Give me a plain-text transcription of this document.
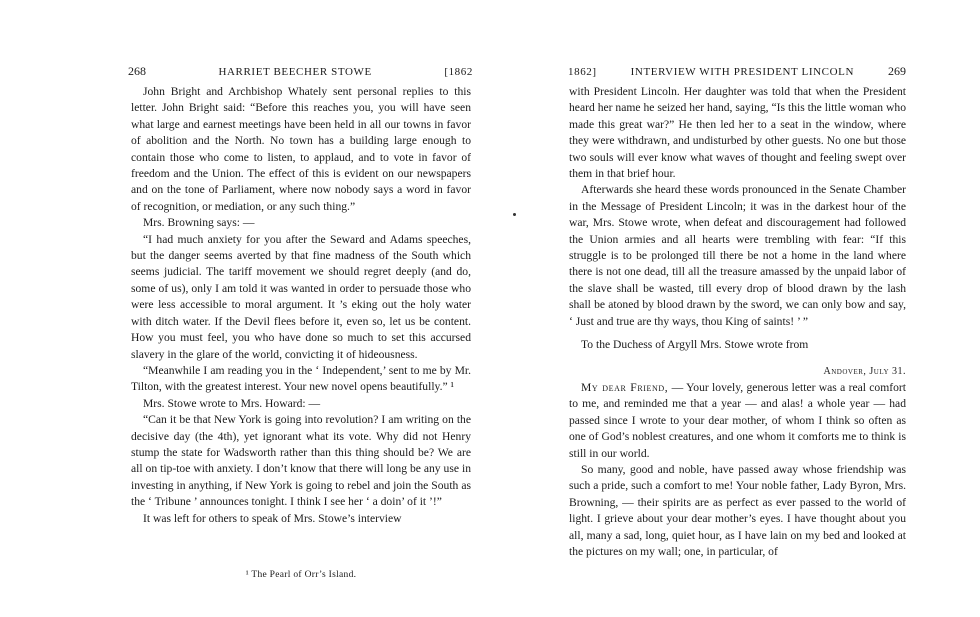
268	HARRIET BEECHER STOWE	[1862

John Bright and Archbishop Whately sent personal replies to this letter. John Bright said: “Before this reaches you, you will have seen what large and earnest meetings have been held in all our towns in favor of abolition and the North. No town has a building large enough to contain those who come to listen, to applaud, and to vote in favor of freedom and the Union. The effect of this is evident on our newspapers and on the tone of Parliament, where now nobody says a word in favor of recognition, or mediation, or any such thing.”

Mrs. Browning says: —

“I had much anxiety for you after the Seward and Adams speeches, but the danger seems averted by that fine madness of the South which seems judicial. The tariff movement we should regret deeply (and do, some of us), only I am told it was wanted in order to persuade those who were less accessible to moral argument. It ’s eking out the holy water with ditch water. If the Devil flees before it, even so, let us be content. How you must feel, you who have done so much to set this accursed slavery in the glare of the world, convicting it of hideousness.

“Meanwhile I am reading you in the ‘ Independent,’ sent to me by Mr. Tilton, with the greatest interest. Your new novel opens beautifully.” ¹

Mrs. Stowe wrote to Mrs. Howard: —

“Can it be that New York is going into revolution? I am writing on the decisive day (the 4th), yet ignorant what its vote. Why did not Henry stump the state for Wadsworth rather than this thing should be? We are all on tip-toe with anxiety. I don’t know that there will long be any use in investing in anything, if New York is going to rebel and join the South as the ‘ Tribune ’ announces tonight. I think I see her ‘ a doin’ of it ’!”

It was left for others to speak of Mrs. Stowe’s interview

¹ The Pearl of Orr’s Island.
1862]	INTERVIEW WITH PRESIDENT LINCOLN	269

with President Lincoln. Her daughter was told that when the President heard her name he seized her hand, saying, “Is this the little woman who made this great war?” He then led her to a seat in the window, where they were withdrawn, and undisturbed by other guests. No one but those two souls will ever know what waves of thought and feeling swept over them in that brief hour.

Afterwards she heard these words pronounced in the Senate Chamber in the Message of President Lincoln; it was in the darkest hour of the war, Mrs. Stowe wrote, when defeat and discouragement had followed the Union armies and all hearts were trembling with fear: “If this struggle is to be prolonged till there be not a home in the land where there is not one dead, till all the treasure amassed by the unpaid labor of the slave shall be wasted, till every drop of blood drawn by the lash shall be atoned by blood drawn by the sword, we can only bow and say, ‘ Just and true are thy ways, thou King of saints! ’ ”

To the Duchess of Argyll Mrs. Stowe wrote from

Andover, July 31.

My dear Friend, — Your lovely, generous letter was a real comfort to me, and reminded me that a year — and alas! a whole year — had passed since I wrote to your dear mother, of whom I think so often as one of God’s noblest creatures, and one whom it comforts me to think is still in our world.

So many, good and noble, have passed away whose friendship was such a pride, such a comfort to me! Your noble father, Lady Byron, Mrs. Browning, — their spirits are as perfect as ever passed to the world of light. I grieve about your dear mother’s eyes. I have thought about you all, many a sad, long, quiet hour, as I have lain on my bed and looked at the pictures on my wall; one, in particular, of
